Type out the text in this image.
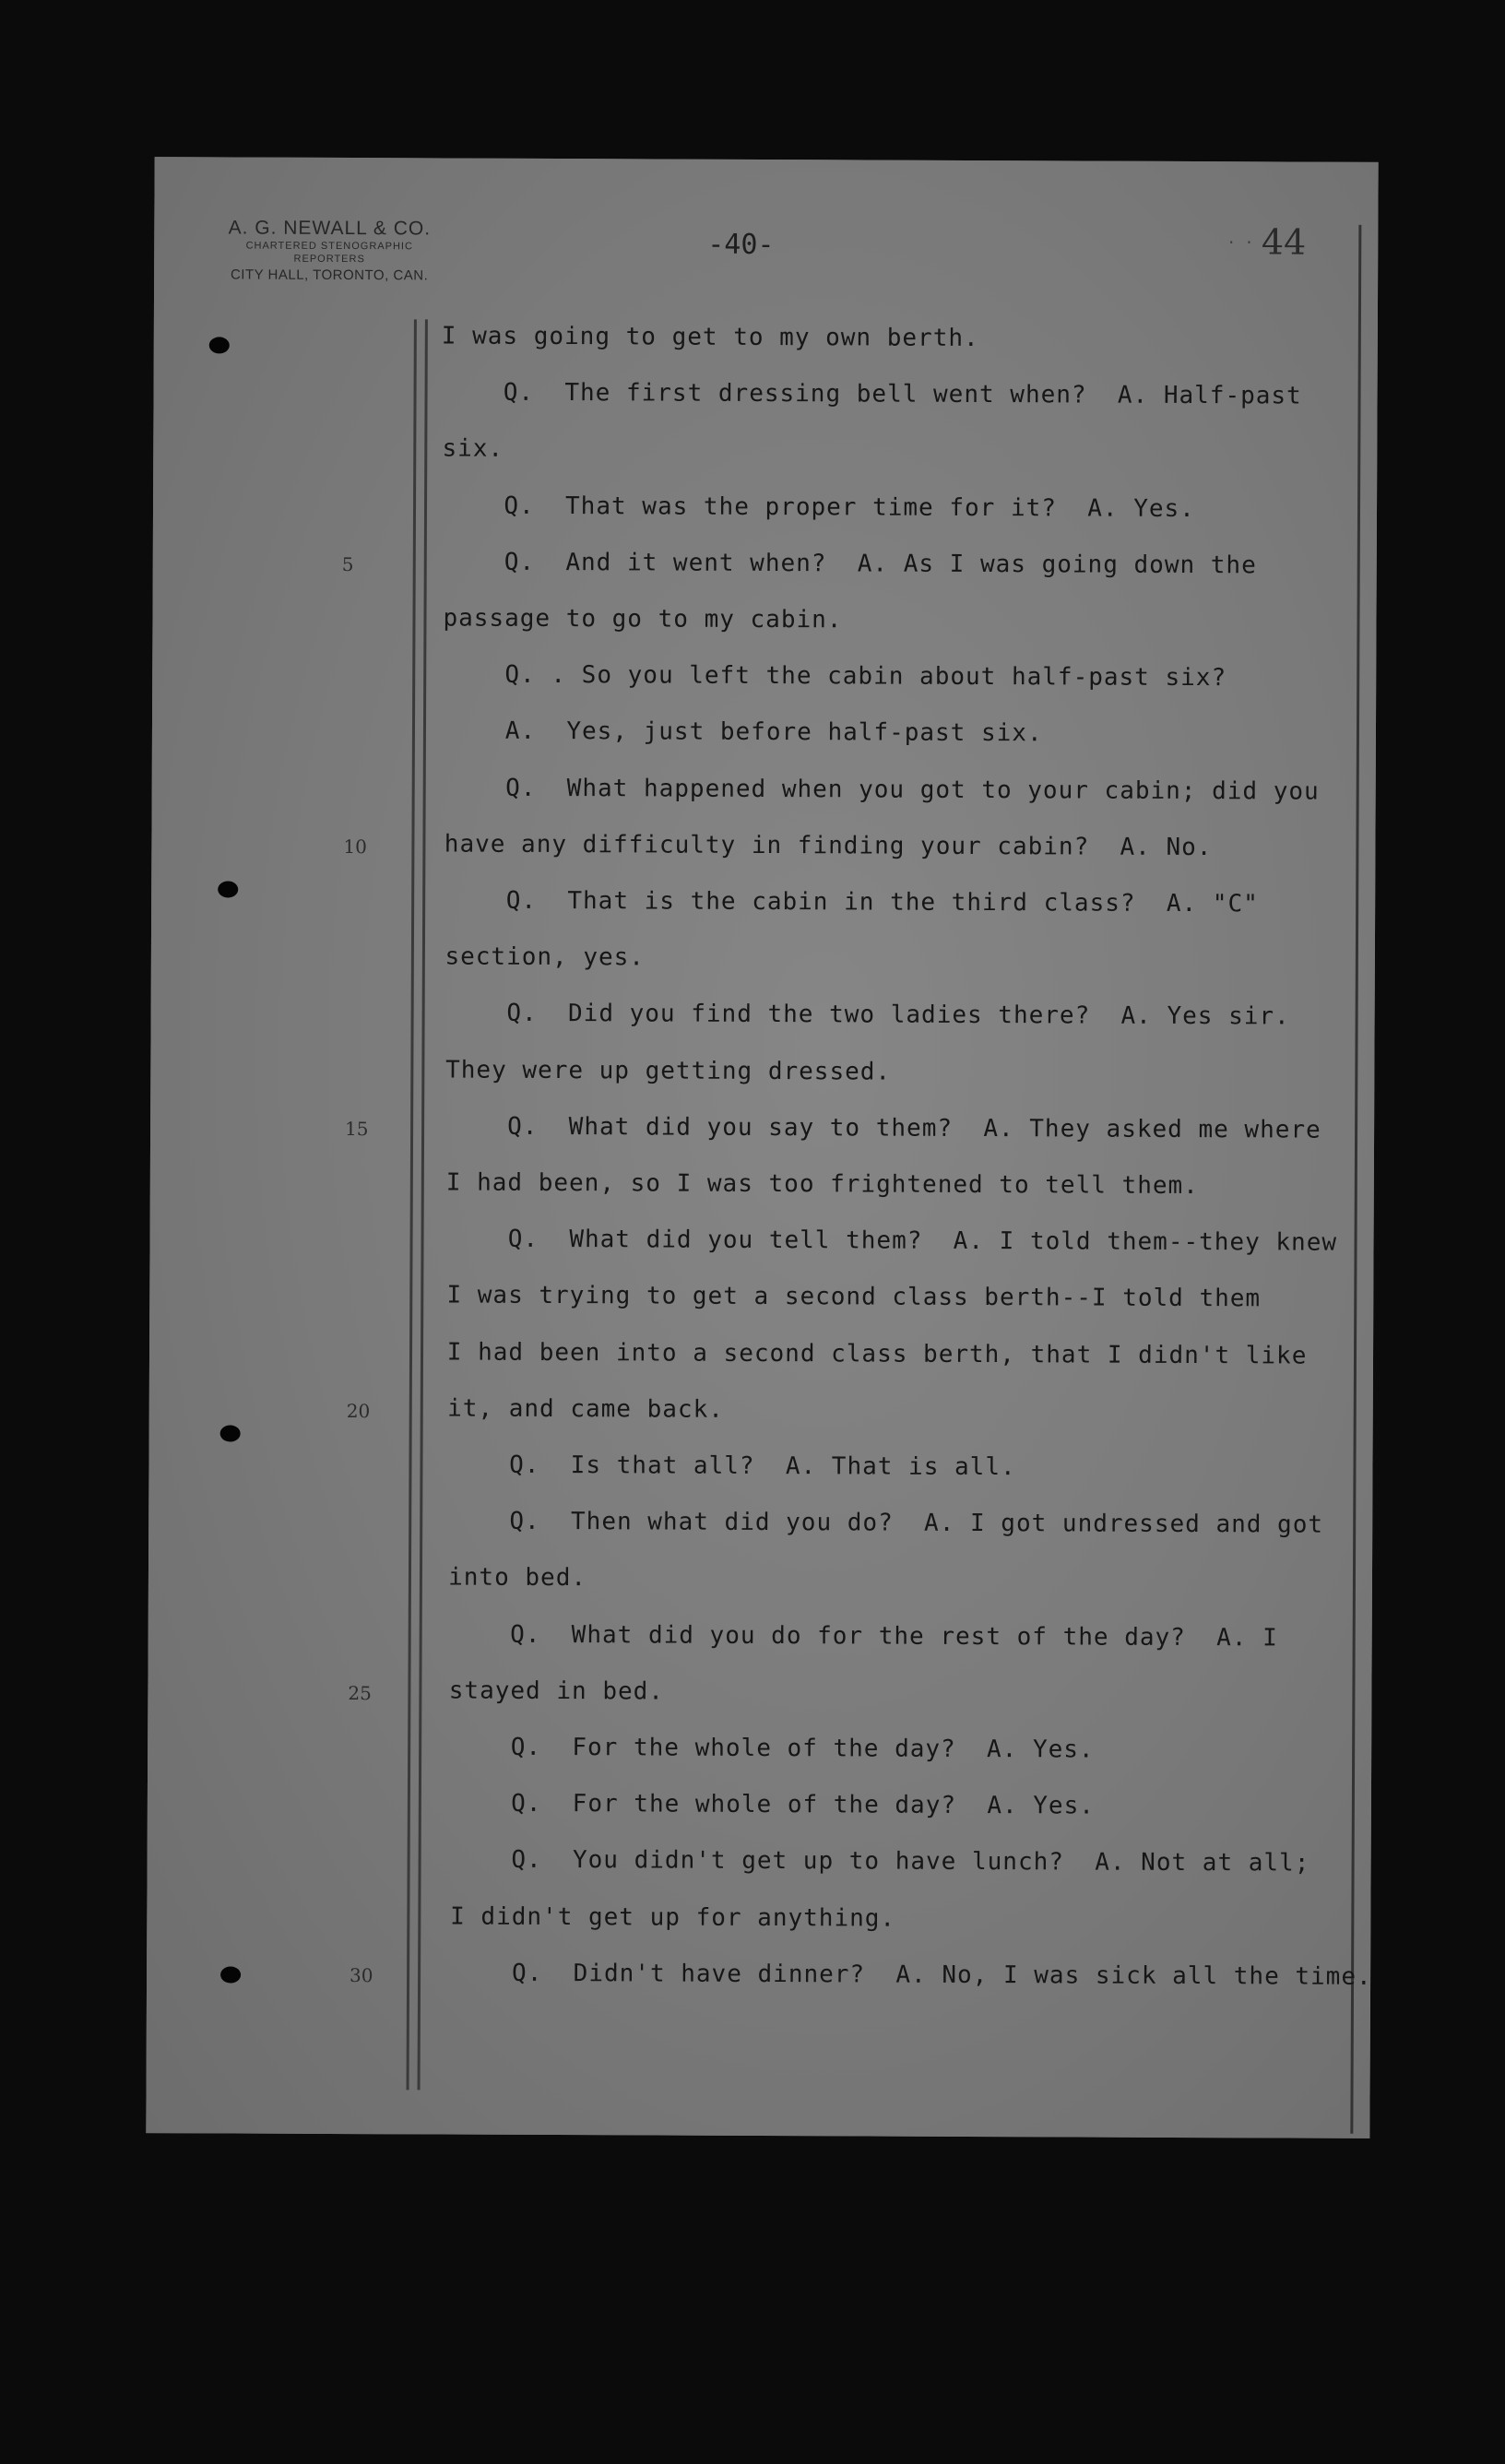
A. G. NEWALL & CO.
CHARTERED STENOGRAPHIC
REPORTERS
CITY HALL, TORONTO, CAN.
-40-	· · 44
5
10
15
20
25
30
I was going to get to my own berth.
Q.  The first dressing bell went when?  A. Half-past
six.
Q.  That was the proper time for it?  A. Yes.
Q.  And it went when?  A. As I was going down the
passage to go to my cabin.
Q. . So you left the cabin about half-past six?
A.  Yes, just before half-past six.
Q.  What happened when you got to your cabin; did you
have any difficulty in finding your cabin?  A. No.
Q.  That is the cabin in the third class?  A. "C"
section, yes.
Q.  Did you find the two ladies there?  A. Yes sir.
They were up getting dressed.
Q.  What did you say to them?  A. They asked me where
I had been, so I was too frightened to tell them.
Q.  What did you tell them?  A. I told them--they knew
I was trying to get a second class berth--I told them
I had been into a second class berth, that I didn't like
it, and came back.
Q.  Is that all?  A. That is all.
Q.  Then what did you do?  A. I got undressed and got
into bed.
Q.  What did you do for the rest of the day?  A. I
stayed in bed.
Q.  For the whole of the day?  A. Yes.
Q.  For the whole of the day?  A. Yes.
Q.  You didn't get up to have lunch?  A. Not at all;
I didn't get up for anything.
Q.  Didn't have dinner?  A. No, I was sick all the time.
